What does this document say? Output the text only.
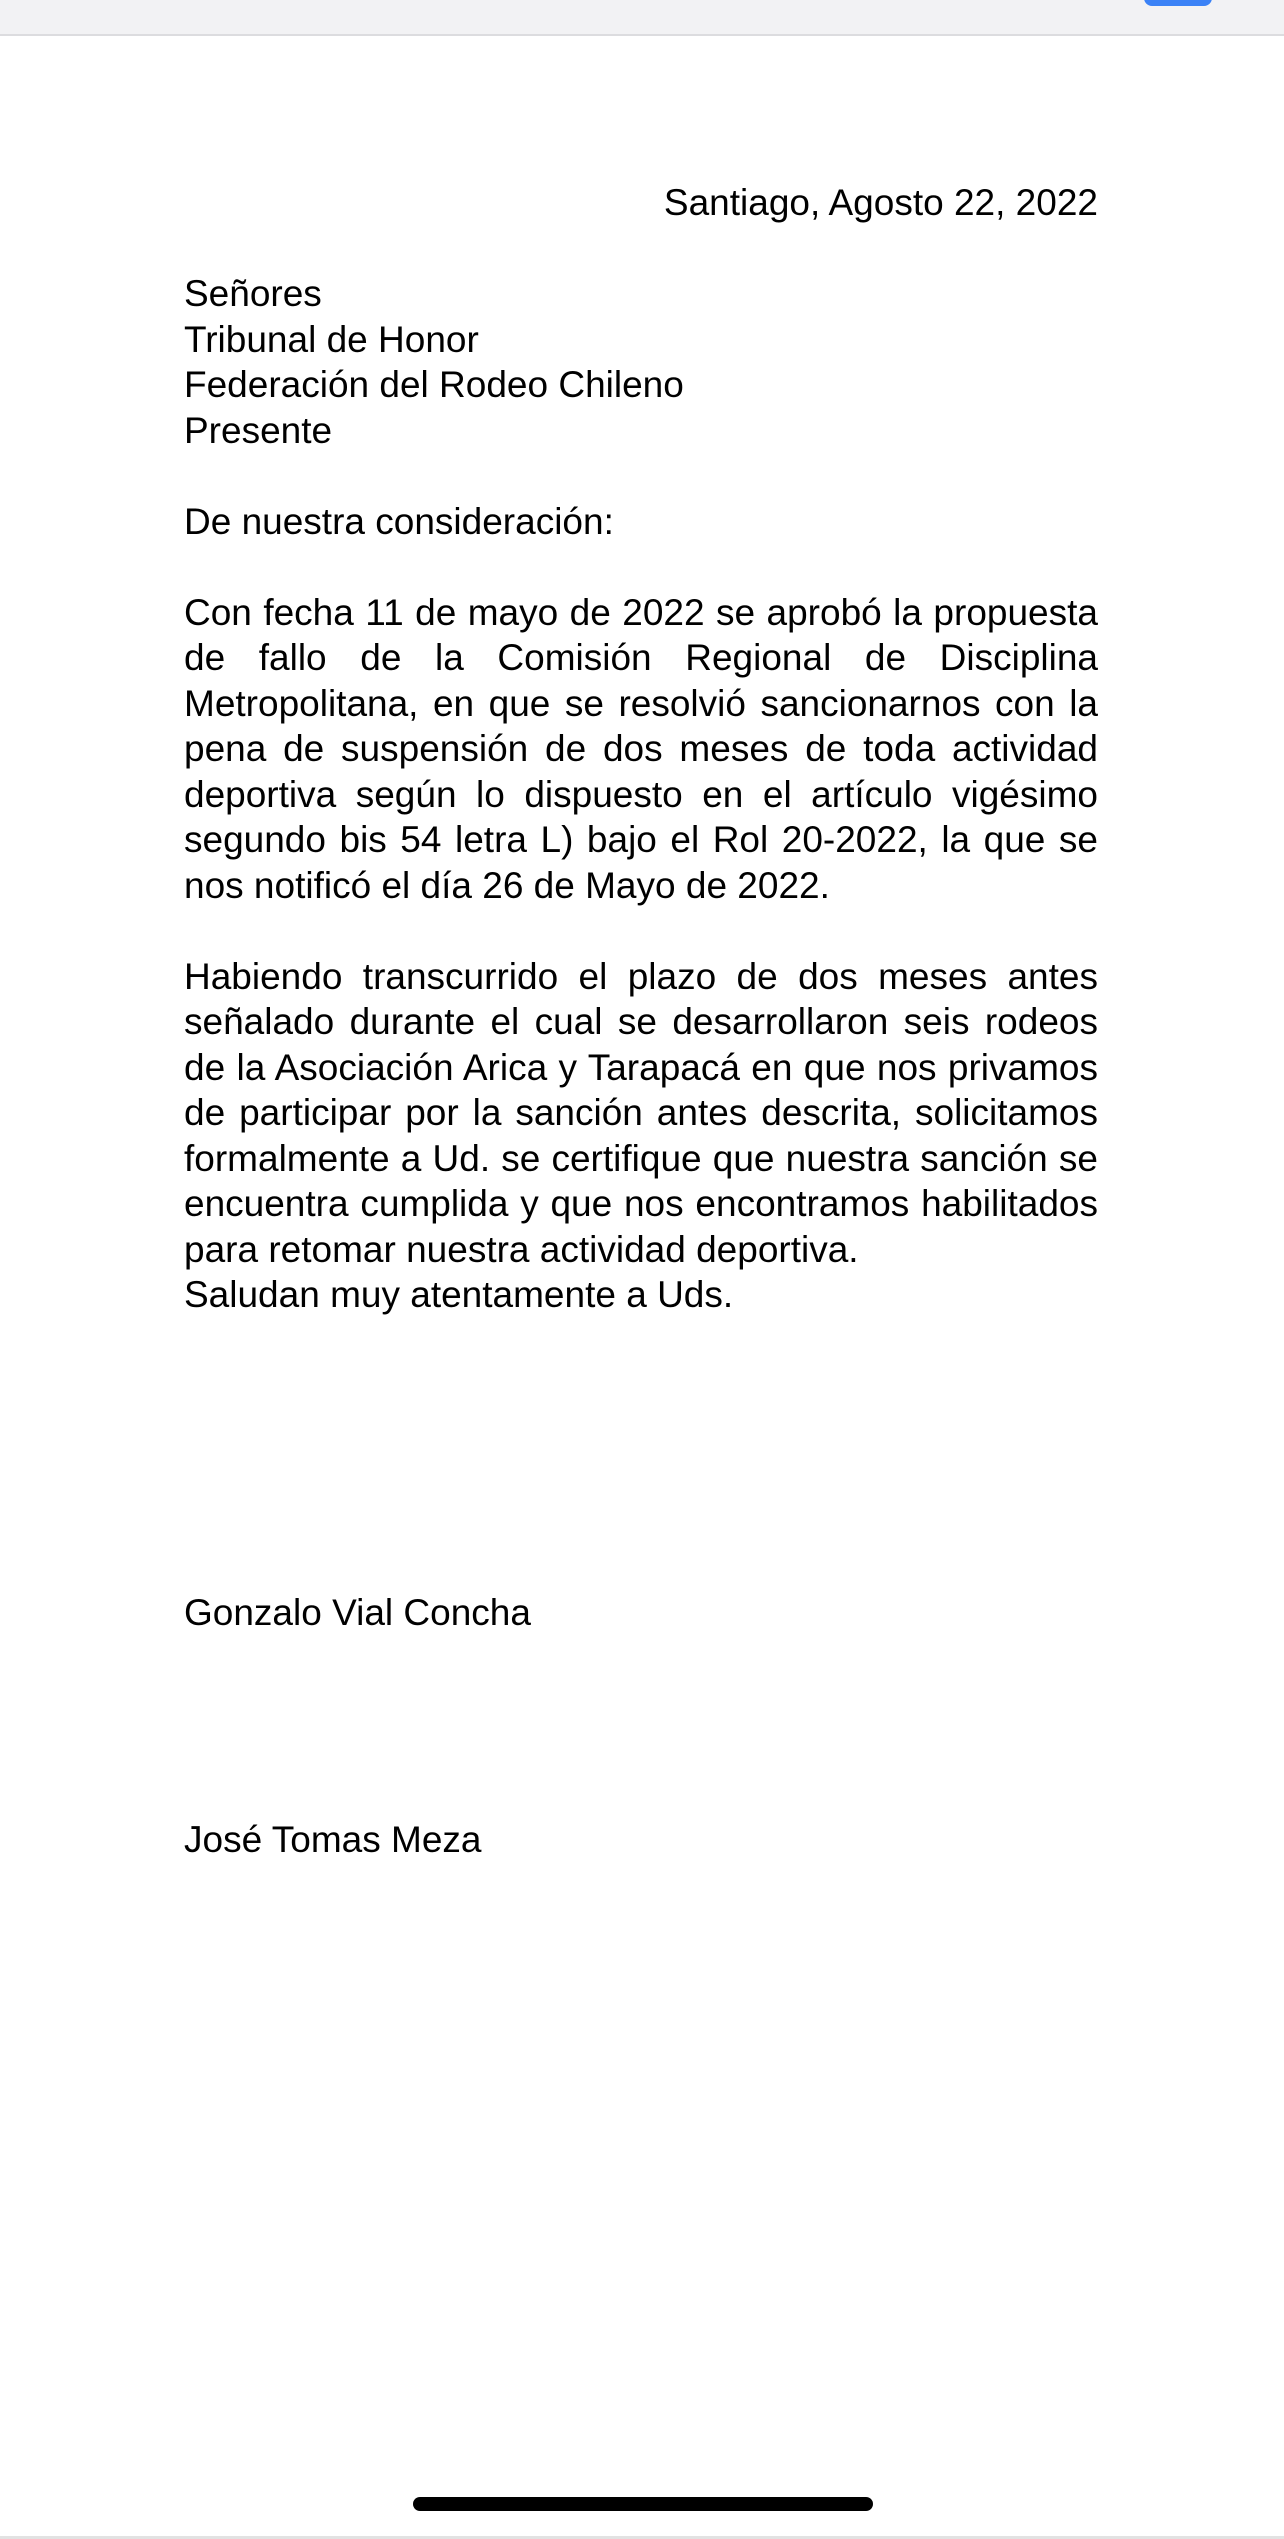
Santiago, Agosto 22, 2022

Señores
Tribunal de Honor
Federación del Rodeo Chileno
Presente

De nuestra consideración:

Con fecha 11 de mayo de 2022 se aprobó la propuesta de fallo de la Comisión Regional de Disciplina Metropolitana, en que se resolvió sancionarnos con la pena de suspensión de dos meses de toda actividad deportiva según lo dispuesto en el artículo vigésimo segundo bis 54 letra L) bajo el Rol 20-2022, la que se nos notificó el día 26 de Mayo de 2022.

Habiendo transcurrido el plazo de dos meses antes señalado durante el cual se desarrollaron seis rodeos de la Asociación Arica y Tarapacá en que nos privamos de participar por la sanción antes descrita, solicitamos formalmente a Ud. se certifique que nuestra sanción se encuentra cumplida y que nos encontramos habilitados para retomar nuestra actividad deportiva.

Saludan muy atentamente a Uds.

Gonzalo Vial Concha

José Tomas Meza
